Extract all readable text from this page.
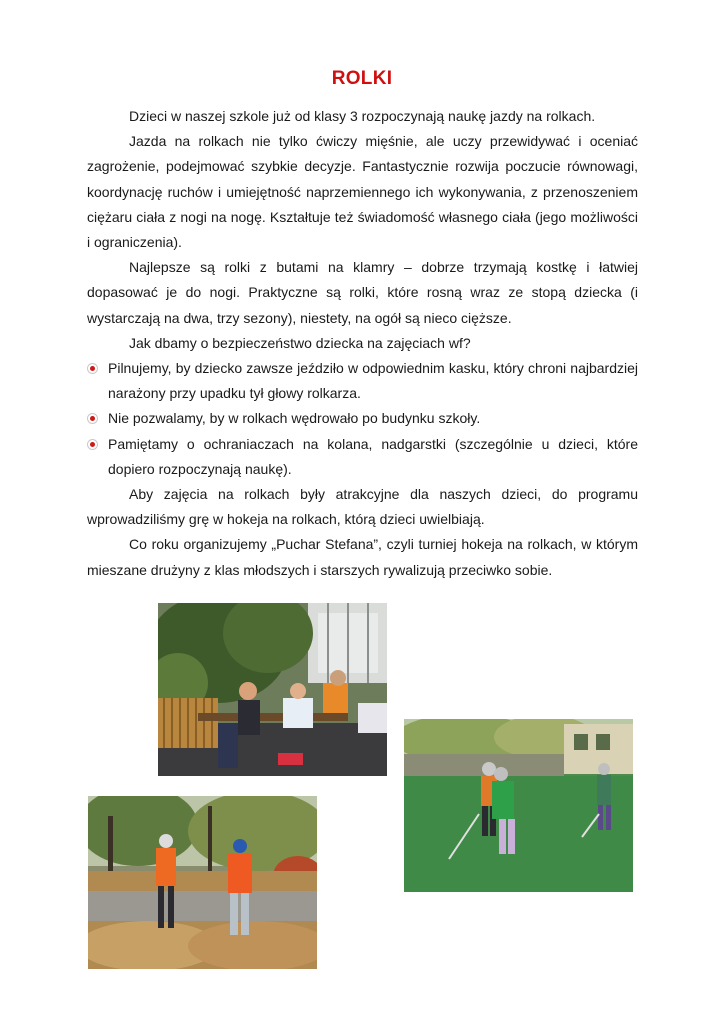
ROLKI

Dzieci w naszej szkole już od klasy 3 rozpoczynają naukę jazdy na rolkach.

Jazda na rolkach nie tylko ćwiczy mięśnie, ale uczy przewidywać i oceniać zagrożenie, podejmować szybkie decyzje. Fantastycznie rozwija poczucie równowagi, koordynację ruchów i umiejętność naprzemiennego ich wykonywania, z przenoszeniem ciężaru ciała z nogi na nogę. Kształtuje też świadomość własnego ciała (jego możliwości i ograniczenia).

Najlepsze są rolki z butami na klamry – dobrze trzymają kostkę i łatwiej dopasować je do nogi. Praktyczne są rolki, które rosną wraz ze stopą dziecka (i wystarczają na dwa, trzy sezony), niestety, na ogół są nieco cięższe.

Jak dbamy o bezpieczeństwo dziecka na zajęciach wf?

Pilnujemy, by dziecko zawsze jeździło w odpowiednim kasku, który chroni najbardziej narażony przy upadku tył głowy rolkarza.
Nie pozwalamy, by w rolkach wędrowało po budynku szkoły.
Pamiętamy o ochraniaczach na kolana, nadgarstki (szczególnie u dzieci, które dopiero rozpoczynają naukę).

Aby zajęcia na rolkach były atrakcyjne dla naszych dzieci, do programu wprowadziliśmy grę w hokeja na rolkach, którą dzieci uwielbiają.

Co roku organizujemy „Puchar Stefana”, czyli turniej hokeja na rolkach, w którym mieszane drużyny z klas młodszych i starszych rywalizują przeciwko sobie.
